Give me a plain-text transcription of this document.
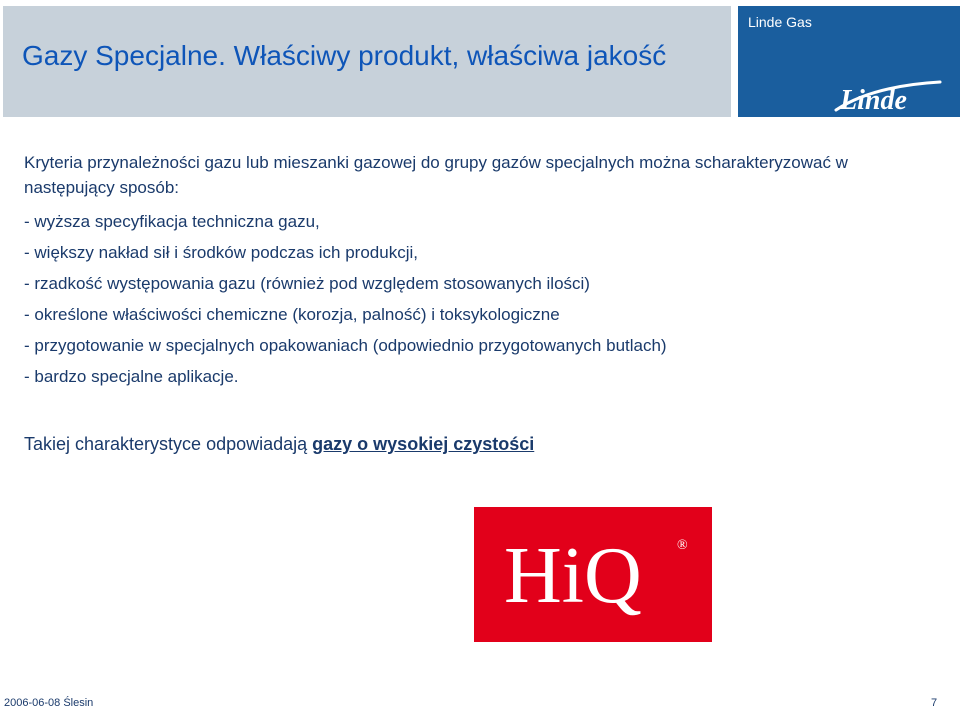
Gazy Specjalne. Właściwy produkt, właściwa jakość
Linde Gas
Linde

Kryteria przynależności gazu lub mieszanki gazowej do grupy gazów specjalnych można scharakteryzować w następujący sposób:

- wyższa specyfikacja techniczna gazu,
- większy nakład sił i środków podczas ich produkcji,
- rzadkość występowania gazu (również pod względem stosowanych ilości)
- określone właściwości chemiczne (korozja, palność) i toksykologiczne
- przygotowanie w specjalnych opakowaniach (odpowiednio przygotowanych butlach)
- bardzo specjalne aplikacje.

Takiej charakterystyce odpowiadają gazy o wysokiej czystości

HiQ	®
2006-06-08 Ślesin	7
